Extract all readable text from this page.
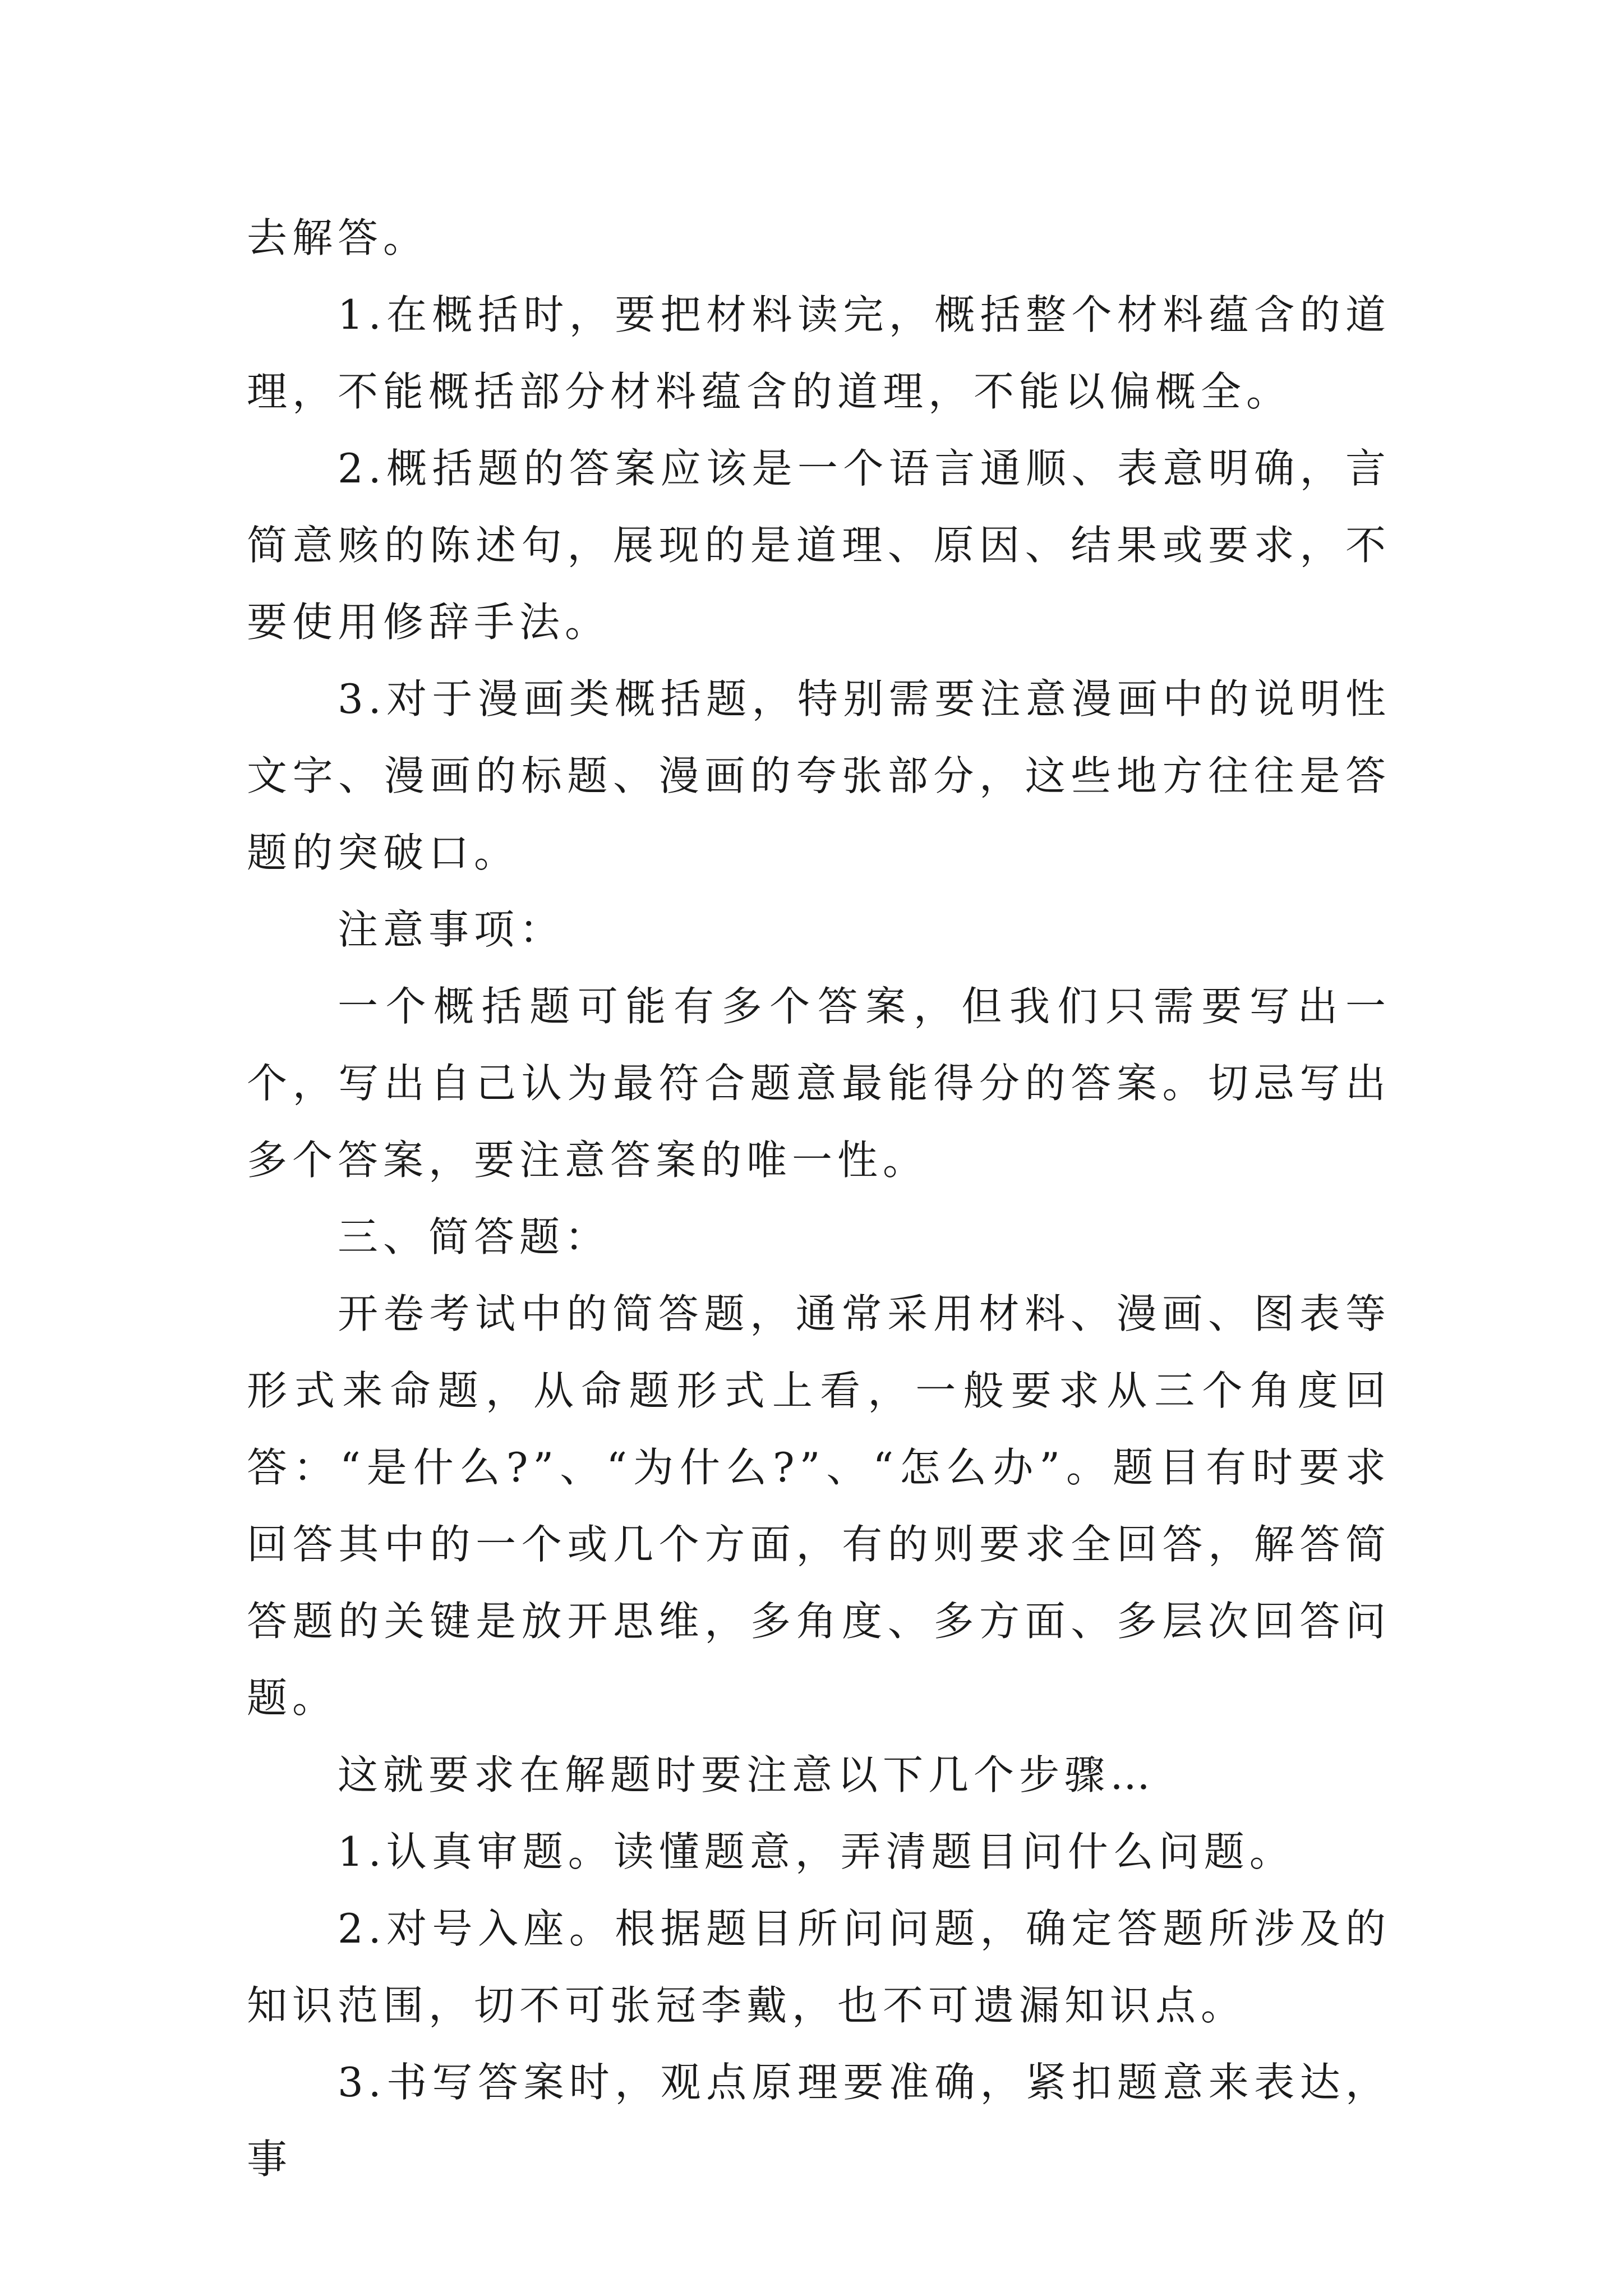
去解答。

1.在概括时，要把材料读完，概括整个材料蕴含的道理，不能概括部分材料蕴含的道理，不能以偏概全。

2.概括题的答案应该是一个语言通顺、表意明确，言简意赅的陈述句，展现的是道理、原因、结果或要求，不要使用修辞手法。

3.对于漫画类概括题，特别需要注意漫画中的说明性文字、漫画的标题、漫画的夸张部分，这些地方往往是答题的突破口。

注意事项：

一个概括题可能有多个答案，但我们只需要写出一个，写出自己认为最符合题意最能得分的答案。切忌写出多个答案，要注意答案的唯一性。

三、简答题：

开卷考试中的简答题，通常采用材料、漫画、图表等形式来命题，从命题形式上看，一般要求从三个角度回答：“是什么?”、“为什么?”、“怎么办”。题目有时要求回答其中的一个或几个方面，有的则要求全回答，解答简答题的关键是放开思维，多角度、多方面、多层次回答问题。

这就要求在解题时要注意以下几个步骤…

1.认真审题。读懂题意，弄清题目问什么问题。

2.对号入座。根据题目所问问题，确定答题所涉及的知识范围，切不可张冠李戴，也不可遗漏知识点。

3.书写答案时，观点原理要准确，紧扣题意来表达，事
